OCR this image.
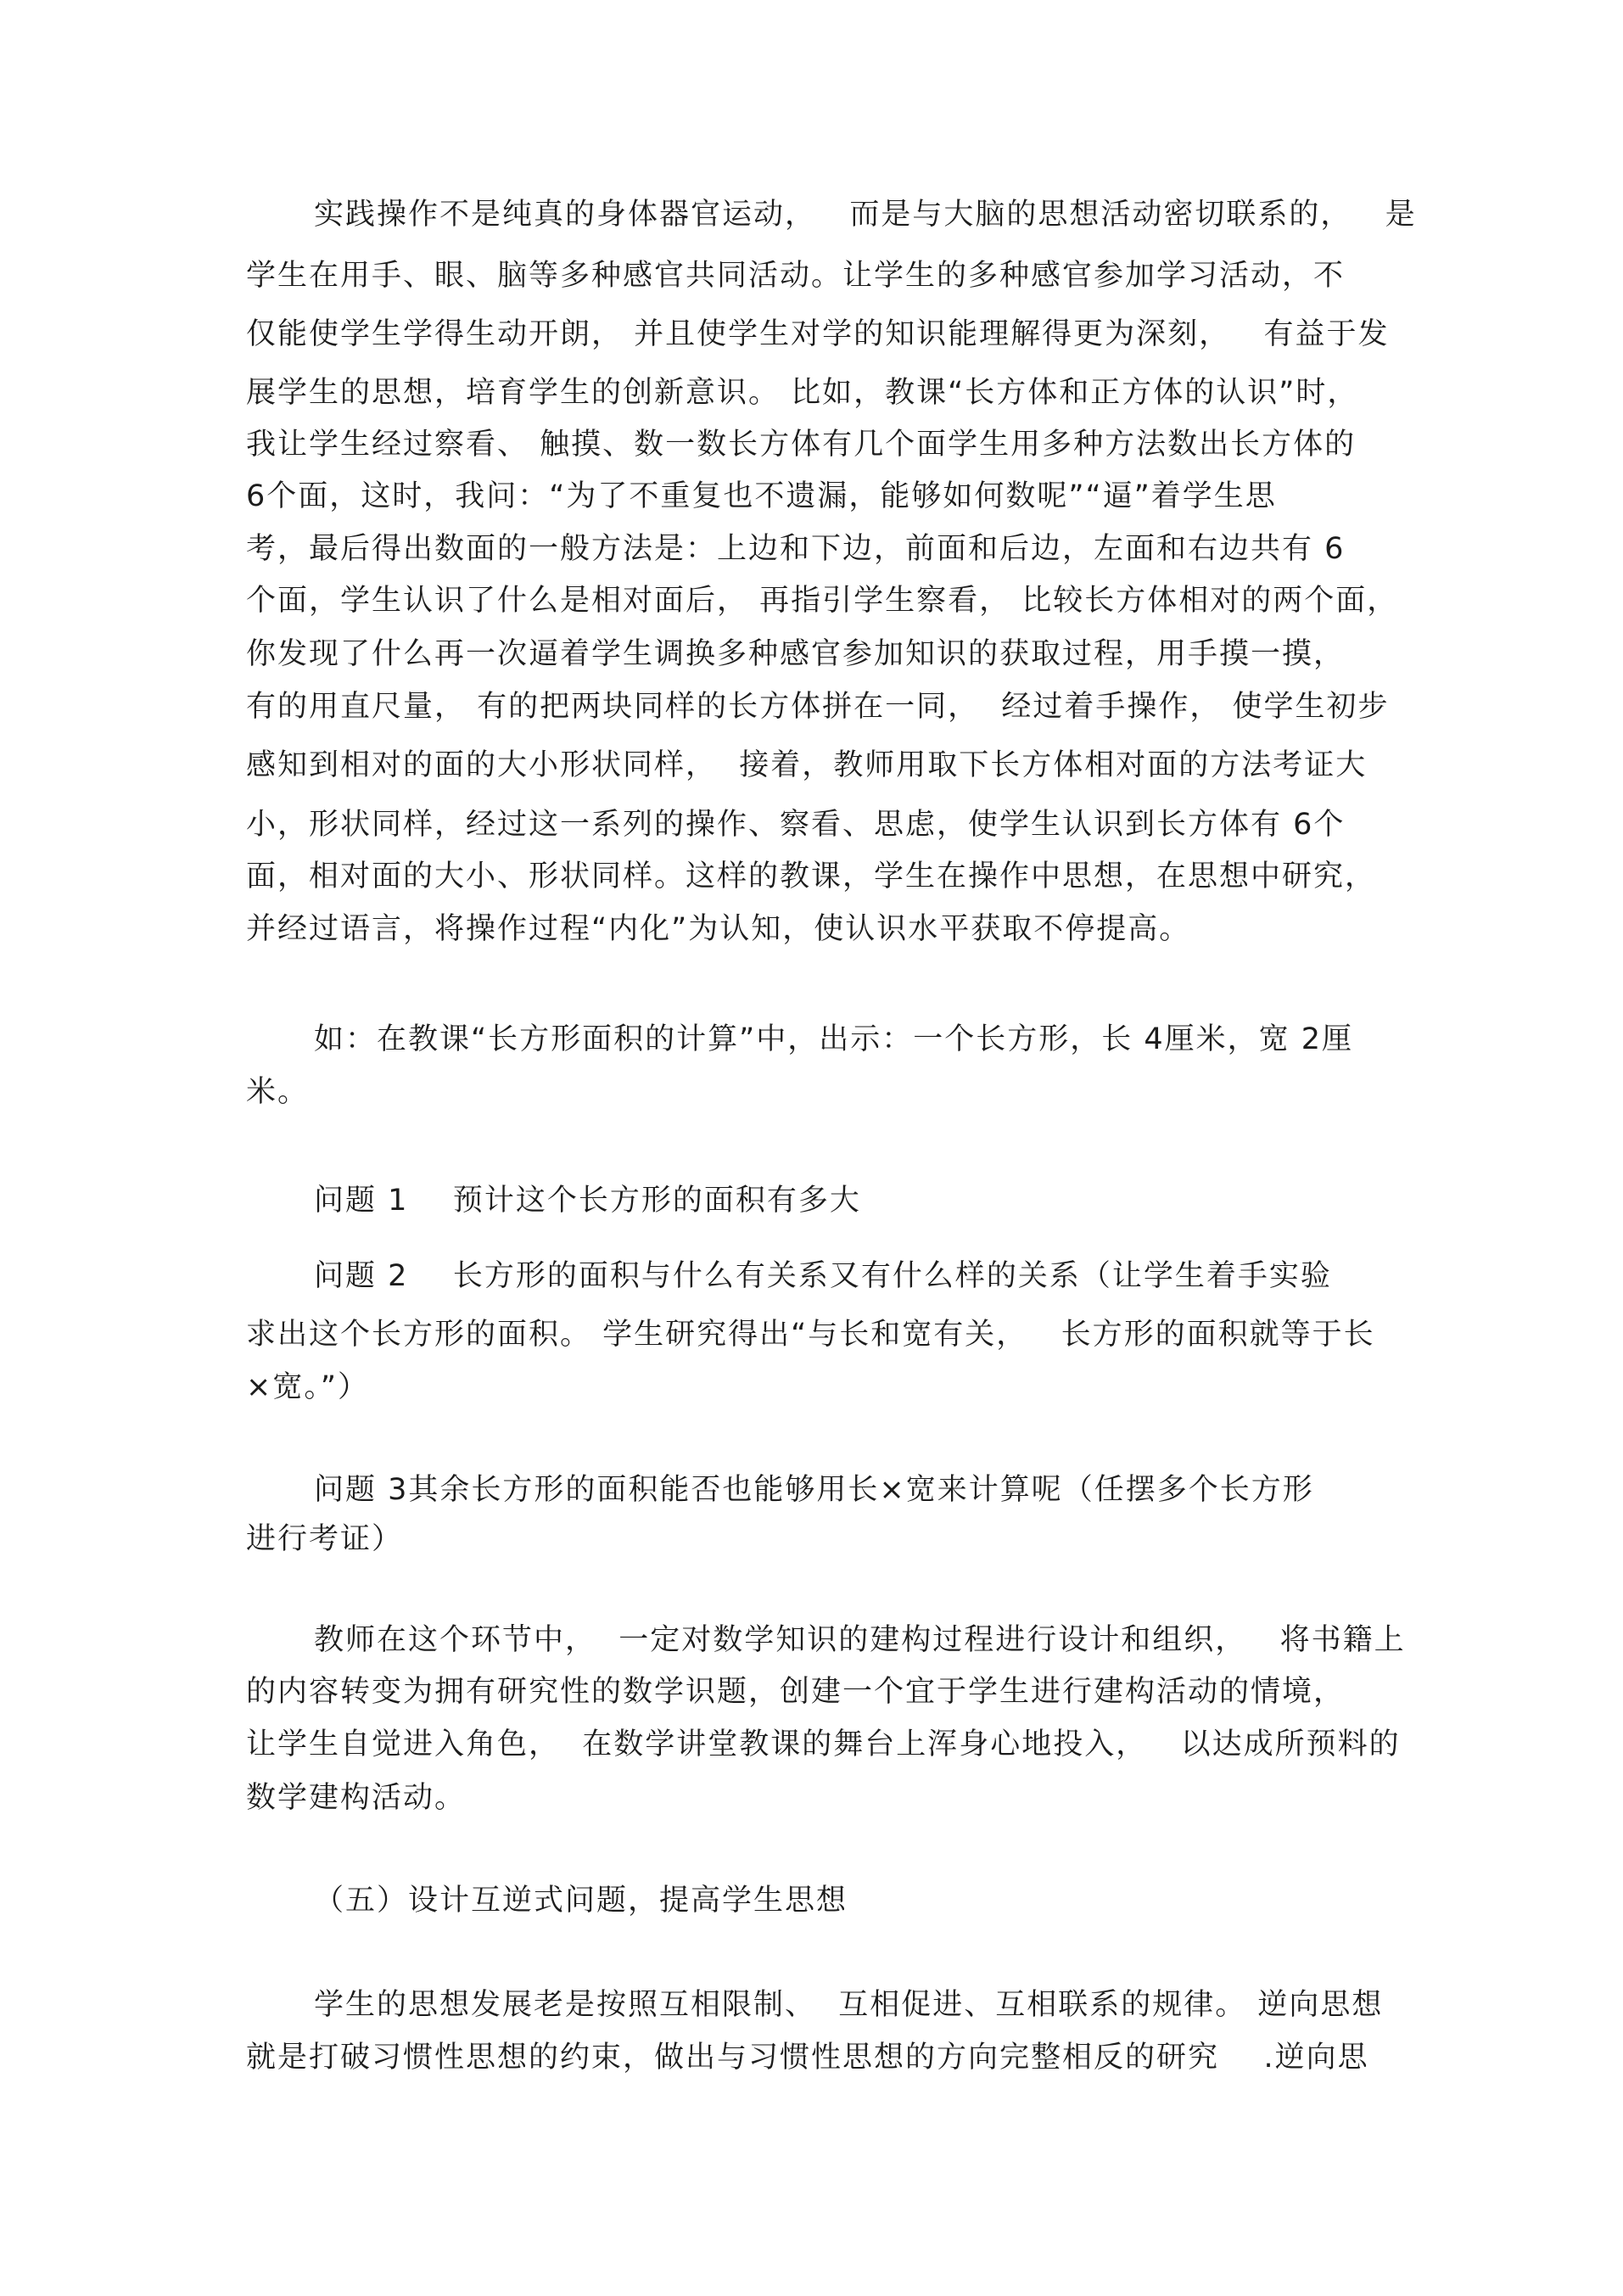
实践操作不是纯真的身体器官运动，   而是与大脑的思想活动密切联系的，   是
学生在用手、眼、脑等多种感官共同活动。让学生的多种感官参加学习活动，不
仅能使学生学得生动开朗， 并且使学生对学的知识能理解得更为深刻，   有益于发
展学生的思想，培育学生的创新意识。 比如，教课“长方体和正方体的认识”时，
我让学生经过察看、 触摸、数一数长方体有几个面学生用多种方法数出长方体的
6个面，这时，我问：“为了不重复也不遗漏，能够如何数呢”“逼”着学生思
考，最后得出数面的一般方法是：上边和下边，前面和后边，左面和右边共有 6
个面，学生认识了什么是相对面后， 再指引学生察看， 比较长方体相对的两个面，
你发现了什么再一次逼着学生调换多种感官参加知识的获取过程，用手摸一摸，
有的用直尺量， 有的把两块同样的长方体拼在一同，  经过着手操作， 使学生初步
感知到相对的面的大小形状同样，  接着，教师用取下长方体相对面的方法考证大
小，形状同样，经过这一系列的操作、察看、思虑，使学生认识到长方体有 6个
面，相对面的大小、形状同样。这样的教课，学生在操作中思想，在思想中研究，
并经过语言，将操作过程“内化”为认知，使认识水平获取不停提高。
如：在教课“长方形面积的计算”中，出示：一个长方形，长 4厘米，宽 2厘
米。
问题 1    预计这个长方形的面积有多大
问题 2    长方形的面积与什么有关系又有什么样的关系（让学生着手实验
求出这个长方形的面积。 学生研究得出“与长和宽有关，   长方形的面积就等于长
×宽。”）
问题 3其余长方形的面积能否也能够用长×宽来计算呢（任摆多个长方形
进行考证）
教师在这个环节中，  一定对数学知识的建构过程进行设计和组织，   将书籍上
的内容转变为拥有研究性的数学识题，创建一个宜于学生进行建构活动的情境，
让学生自觉进入角色，  在数学讲堂教课的舞台上浑身心地投入，   以达成所预料的
数学建构活动。
（五）设计互逆式问题，提高学生思想
学生的思想发展老是按照互相限制、  互相促进、互相联系的规律。 逆向思想
就是打破习惯性思想的约束，做出与习惯性思想的方向完整相反的研究    .逆向思
